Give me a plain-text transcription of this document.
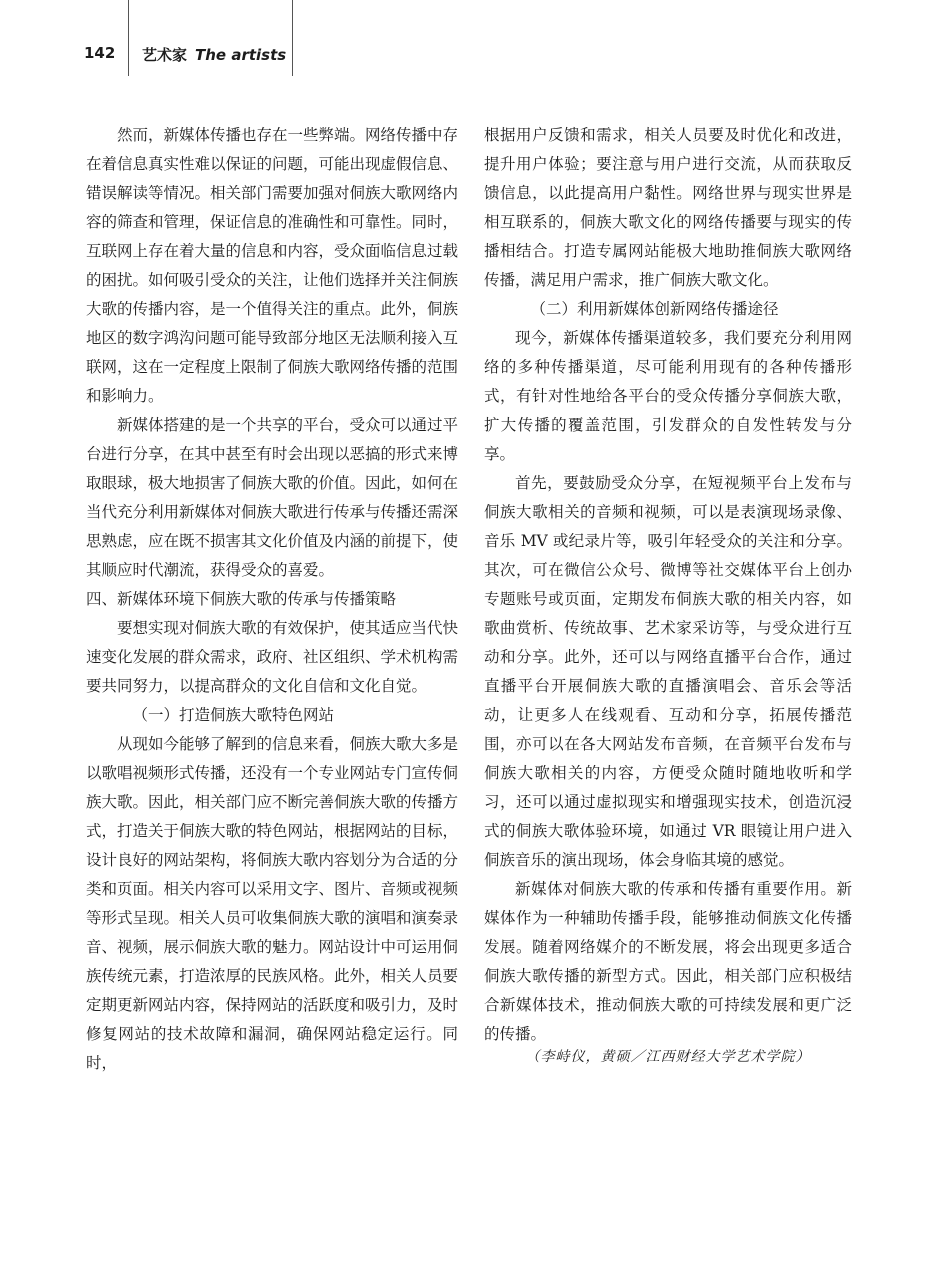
142 艺术家 The artists

然而，新媒体传播也存在一些弊端。网络传播中存在着信息真实性难以保证的问题，可能出现虚假信息、错误解读等情况。相关部门需要加强对侗族大歌网络内容的筛查和管理，保证信息的准确性和可靠性。同时，互联网上存在着大量的信息和内容，受众面临信息过载的困扰。如何吸引受众的关注，让他们选择并关注侗族大歌的传播内容，是一个值得关注的重点。此外，侗族地区的数字鸿沟问题可能导致部分地区无法顺利接入互联网，这在一定程度上限制了侗族大歌网络传播的范围和影响力。

新媒体搭建的是一个共享的平台，受众可以通过平台进行分享，在其中甚至有时会出现以恶搞的形式来博取眼球，极大地损害了侗族大歌的价值。因此，如何在当代充分利用新媒体对侗族大歌进行传承与传播还需深思熟虑，应在既不损害其文化价值及内涵的前提下，使其顺应时代潮流，获得受众的喜爱。

四、新媒体环境下侗族大歌的传承与传播策略

要想实现对侗族大歌的有效保护，使其适应当代快速变化发展的群众需求，政府、社区组织、学术机构需要共同努力，以提高群众的文化自信和文化自觉。

（一）打造侗族大歌特色网站

从现如今能够了解到的信息来看，侗族大歌大多是以歌唱视频形式传播，还没有一个专业网站专门宣传侗族大歌。因此，相关部门应不断完善侗族大歌的传播方式，打造关于侗族大歌的特色网站，根据网站的目标，设计良好的网站架构，将侗族大歌内容划分为合适的分类和页面。相关内容可以采用文字、图片、音频或视频等形式呈现。相关人员可收集侗族大歌的演唱和演奏录音、视频，展示侗族大歌的魅力。网站设计中可运用侗族传统元素，打造浓厚的民族风格。此外，相关人员要定期更新网站内容，保持网站的活跃度和吸引力，及时修复网站的技术故障和漏洞，确保网站稳定运行。同时，

根据用户反馈和需求，相关人员要及时优化和改进，提升用户体验；要注意与用户进行交流，从而获取反馈信息，以此提高用户黏性。网络世界与现实世界是相互联系的，侗族大歌文化的网络传播要与现实的传播相结合。打造专属网站能极大地助推侗族大歌网络传播，满足用户需求，推广侗族大歌文化。

（二）利用新媒体创新网络传播途径

现今，新媒体传播渠道较多，我们要充分利用网络的多种传播渠道，尽可能利用现有的各种传播形式，有针对性地给各平台的受众传播分享侗族大歌，扩大传播的覆盖范围，引发群众的自发性转发与分享。

首先，要鼓励受众分享，在短视频平台上发布与侗族大歌相关的音频和视频，可以是表演现场录像、音乐 MV 或纪录片等，吸引年轻受众的关注和分享。其次，可在微信公众号、微博等社交媒体平台上创办专题账号或页面，定期发布侗族大歌的相关内容，如歌曲赏析、传统故事、艺术家采访等，与受众进行互动和分享。此外，还可以与网络直播平台合作，通过直播平台开展侗族大歌的直播演唱会、音乐会等活动，让更多人在线观看、互动和分享，拓展传播范围，亦可以在各大网站发布音频，在音频平台发布与侗族大歌相关的内容，方便受众随时随地收听和学习，还可以通过虚拟现实和增强现实技术，创造沉浸式的侗族大歌体验环境，如通过 VR 眼镜让用户进入侗族音乐的演出现场，体会身临其境的感觉。

新媒体对侗族大歌的传承和传播有重要作用。新媒体作为一种辅助传播手段，能够推动侗族文化传播发展。随着网络媒介的不断发展，将会出现更多适合侗族大歌传播的新型方式。因此，相关部门应积极结合新媒体技术，推动侗族大歌的可持续发展和更广泛的传播。

（李峙仪，黄硕／江西财经大学艺术学院）
